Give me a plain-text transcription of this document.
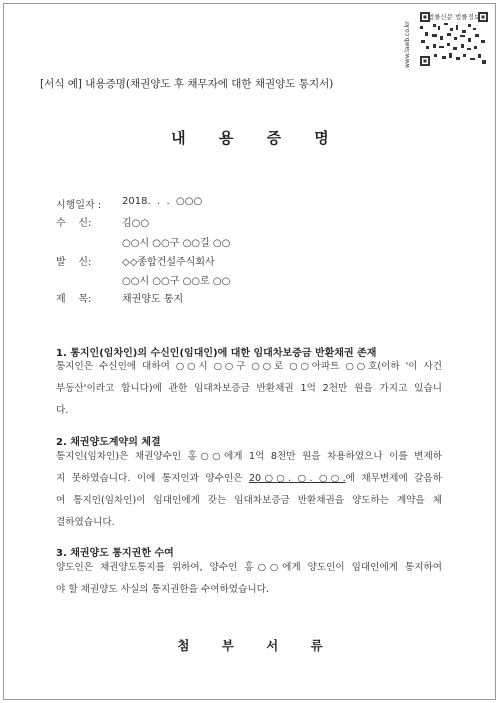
www.lawb.co.kr
법률신문 법률정보
[서식 예] 내용증명(채권양도 후 채무자에 대한 채권양도 통지서)
내 용 증 명
시행일자 : 2018.  .  .  ○○○
수    신:	김○○
○○시 ○○구 ○○길 ○○
발    신:	◇◇종합건설주식회사
○○시 ○○구 ○○로 ○○
제    목:	채권양도 통지
1. 통지인(임차인)의 수신인(임대인)에 대한 임대차보증금 반환채권 존재
통지인은 수신인에 대하여 ○○시 ○○구 ○○로 ○○아파트 ○○호(이하 '이 사건
부동산'이라고 합니다)에 관한 임대차보증금 반환채권 1억 2천만 원을 가지고 있습니
다.
2. 채권양도계약의 체결
통지인(임차인)은 채권양수인 홍○○에게 1억 8천만 원을 차용하였으나 이를 변제하
지 못하였습니다. 이에 통지인과 양수인은 20○○. ○. ○○.에 채무변제에 갈음하
여 통지인(임차인)이 임대인에게 갖는 임대차보증금 반환채권을 양도하는 계약을 체
결하였습니다.
3. 채권양도 통지권한 수여
양도인은 채권양도통지를 위하여, 양수인 홍○○에게 양도인이 임대인에게 통지하여
야 할 채권양도 사실의 통지권한을 수여하였습니다.
첨 부 서 류
